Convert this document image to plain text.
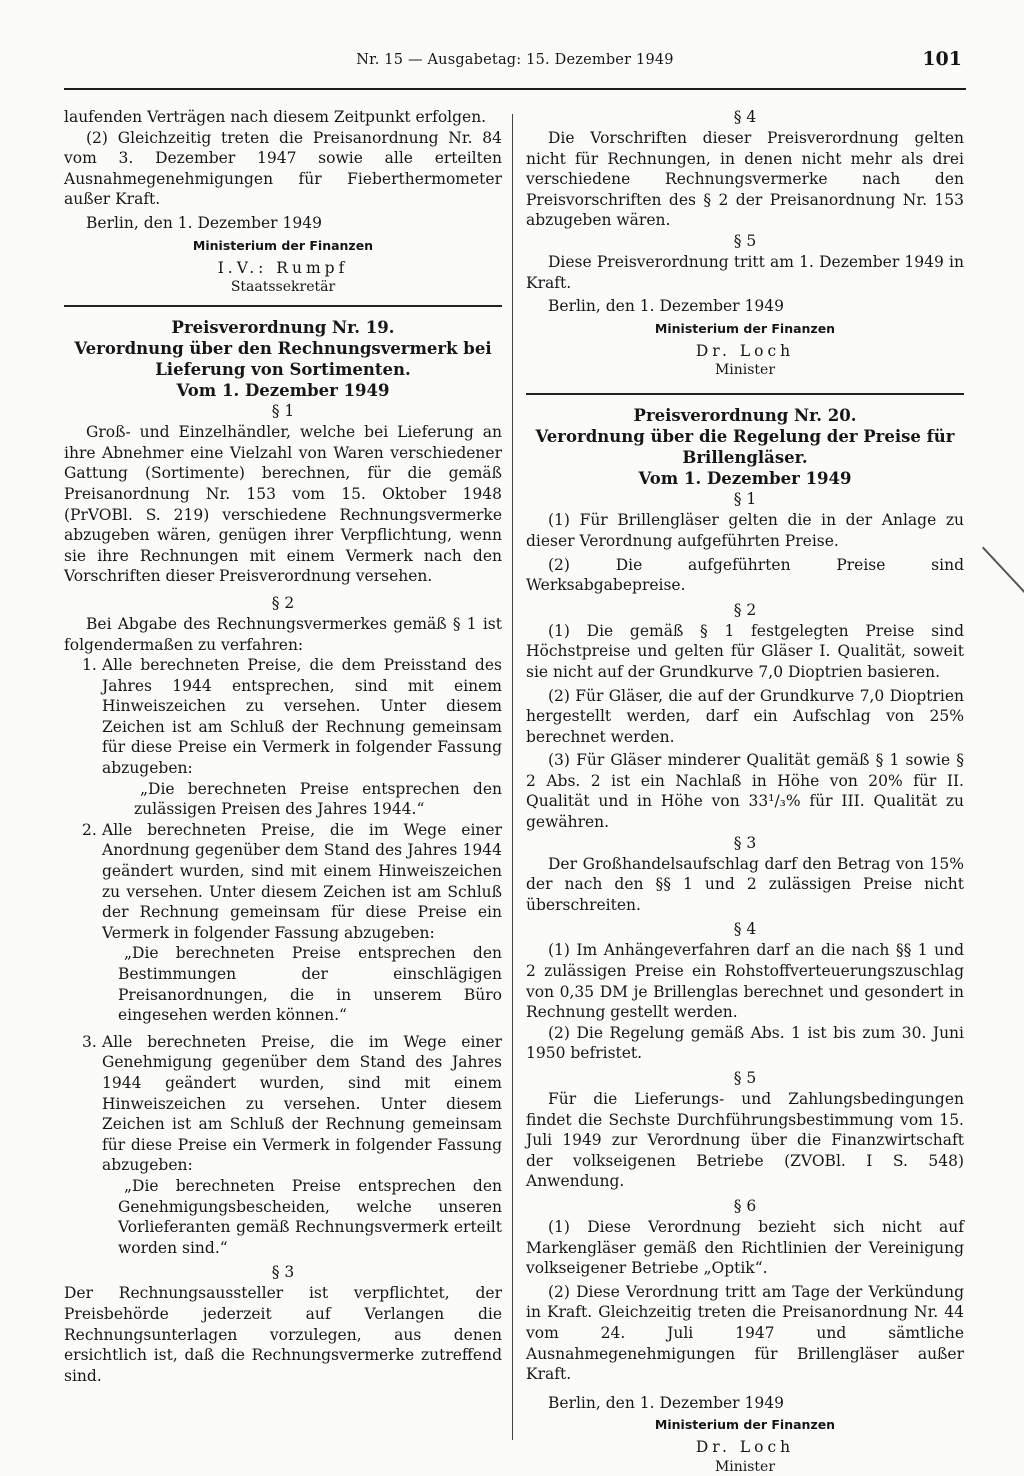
Nr. 15 — Ausgabetag: 15. Dezember 1949	101

laufenden Verträgen nach diesem Zeitpunkt erfolgen.

(2) Gleichzeitig treten die Preisanordnung Nr. 84 vom 3. Dezember 1947 sowie alle erteilten Ausnahmegenehmigungen für Fieberthermometer außer Kraft.

Berlin, den 1. Dezember 1949

Ministerium der Finanzen

I.V.: Rumpf

Staatssekretär

Preisverordnung Nr. 19.

Verordnung über den Rechnungsvermerk bei Lieferung von Sortimenten.

Vom 1. Dezember 1949

§ 1

Groß- und Einzelhändler, welche bei Lieferung an ihre Abnehmer eine Vielzahl von Waren verschiedener Gattung (Sortimente) berechnen, für die gemäß Preisanordnung Nr. 153 vom 15. Oktober 1948 (PrVOBl. S. 219) verschiedene Rechnungsvermerke abzugeben wären, genügen ihrer Verpflichtung, wenn sie ihre Rechnungen mit einem Vermerk nach den Vorschriften dieser Preisverordnung versehen.

§ 2

Bei Abgabe des Rechnungsvermerkes gemäß § 1 ist folgendermaßen zu verfahren:

1. Alle berechneten Preise, die dem Preisstand des Jahres 1944 entsprechen, sind mit einem Hinweiszeichen zu versehen. Unter diesem Zeichen ist am Schluß der Rechnung gemeinsam für diese Preise ein Vermerk in folgender Fassung abzugeben:

„Die berechneten Preise entsprechen den zulässigen Preisen des Jahres 1944.“

2. Alle berechneten Preise, die im Wege einer Anordnung gegenüber dem Stand des Jahres 1944 geändert wurden, sind mit einem Hinweiszeichen zu versehen. Unter diesem Zeichen ist am Schluß der Rechnung gemeinsam für diese Preise ein Vermerk in folgender Fassung abzugeben:

„Die berechneten Preise entsprechen den Bestimmungen der einschlägigen Preisanordnungen, die in unserem Büro eingesehen werden können.“

3. Alle berechneten Preise, die im Wege einer Genehmigung gegenüber dem Stand des Jahres 1944 geändert wurden, sind mit einem Hinweiszeichen zu versehen. Unter diesem Zeichen ist am Schluß der Rechnung gemeinsam für diese Preise ein Vermerk in folgender Fassung abzugeben:

„Die berechneten Preise entsprechen den Genehmigungsbescheiden, welche unseren Vorlieferanten gemäß Rechnungsvermerk erteilt worden sind.“

§ 3

Der Rechnungsaussteller ist verpflichtet, der Preisbehörde jederzeit auf Verlangen die Rechnungsunterlagen vorzulegen, aus denen ersichtlich ist, daß die Rechnungsvermerke zutreffend sind.

§ 4

Die Vorschriften dieser Preisverordnung gelten nicht für Rechnungen, in denen nicht mehr als drei verschiedene Rechnungsvermerke nach den Preisvorschriften des § 2 der Preisanordnung Nr. 153 abzugeben wären.

§ 5

Diese Preisverordnung tritt am 1. Dezember 1949 in Kraft.

Berlin, den 1. Dezember 1949

Ministerium der Finanzen

Dr. Loch

Minister

Preisverordnung Nr. 20.

Verordnung über die Regelung der Preise für Brillengläser.

Vom 1. Dezember 1949

§ 1

(1) Für Brillengläser gelten die in der Anlage zu dieser Verordnung aufgeführten Preise.

(2) Die aufgeführten Preise sind Werksabgabepreise.

§ 2

(1) Die gemäß § 1 festgelegten Preise sind Höchstpreise und gelten für Gläser I. Qualität, soweit sie nicht auf der Grundkurve 7,0 Dioptrien basieren.

(2) Für Gläser, die auf der Grundkurve 7,0 Dioptrien hergestellt werden, darf ein Aufschlag von 25% berechnet werden.

(3) Für Gläser minderer Qualität gemäß § 1 sowie § 2 Abs. 2 ist ein Nachlaß in Höhe von 20% für II. Qualität und in Höhe von 33¹/₃% für III. Qualität zu gewähren.

§ 3

Der Großhandelsaufschlag darf den Betrag von 15% der nach den §§ 1 und 2 zulässigen Preise nicht überschreiten.

§ 4

(1) Im Anhängeverfahren darf an die nach §§ 1 und 2 zulässigen Preise ein Rohstoffverteuerungszuschlag von 0,35 DM je Brillenglas berechnet und gesondert in Rechnung gestellt werden.

(2) Die Regelung gemäß Abs. 1 ist bis zum 30. Juni 1950 befristet.

§ 5

Für die Lieferungs- und Zahlungsbedingungen findet die Sechste Durchführungsbestimmung vom 15. Juli 1949 zur Verordnung über die Finanzwirtschaft der volkseigenen Betriebe (ZVOBl. I S. 548) Anwendung.

§ 6

(1) Diese Verordnung bezieht sich nicht auf Markengläser gemäß den Richtlinien der Vereinigung volkseigener Betriebe „Optik“.

(2) Diese Verordnung tritt am Tage der Verkündung in Kraft. Gleichzeitig treten die Preisanordnung Nr. 44 vom 24. Juli 1947 und sämtliche Ausnahmegenehmigungen für Brillengläser außer Kraft.

Berlin, den 1. Dezember 1949

Ministerium der Finanzen

Dr. Loch

Minister
